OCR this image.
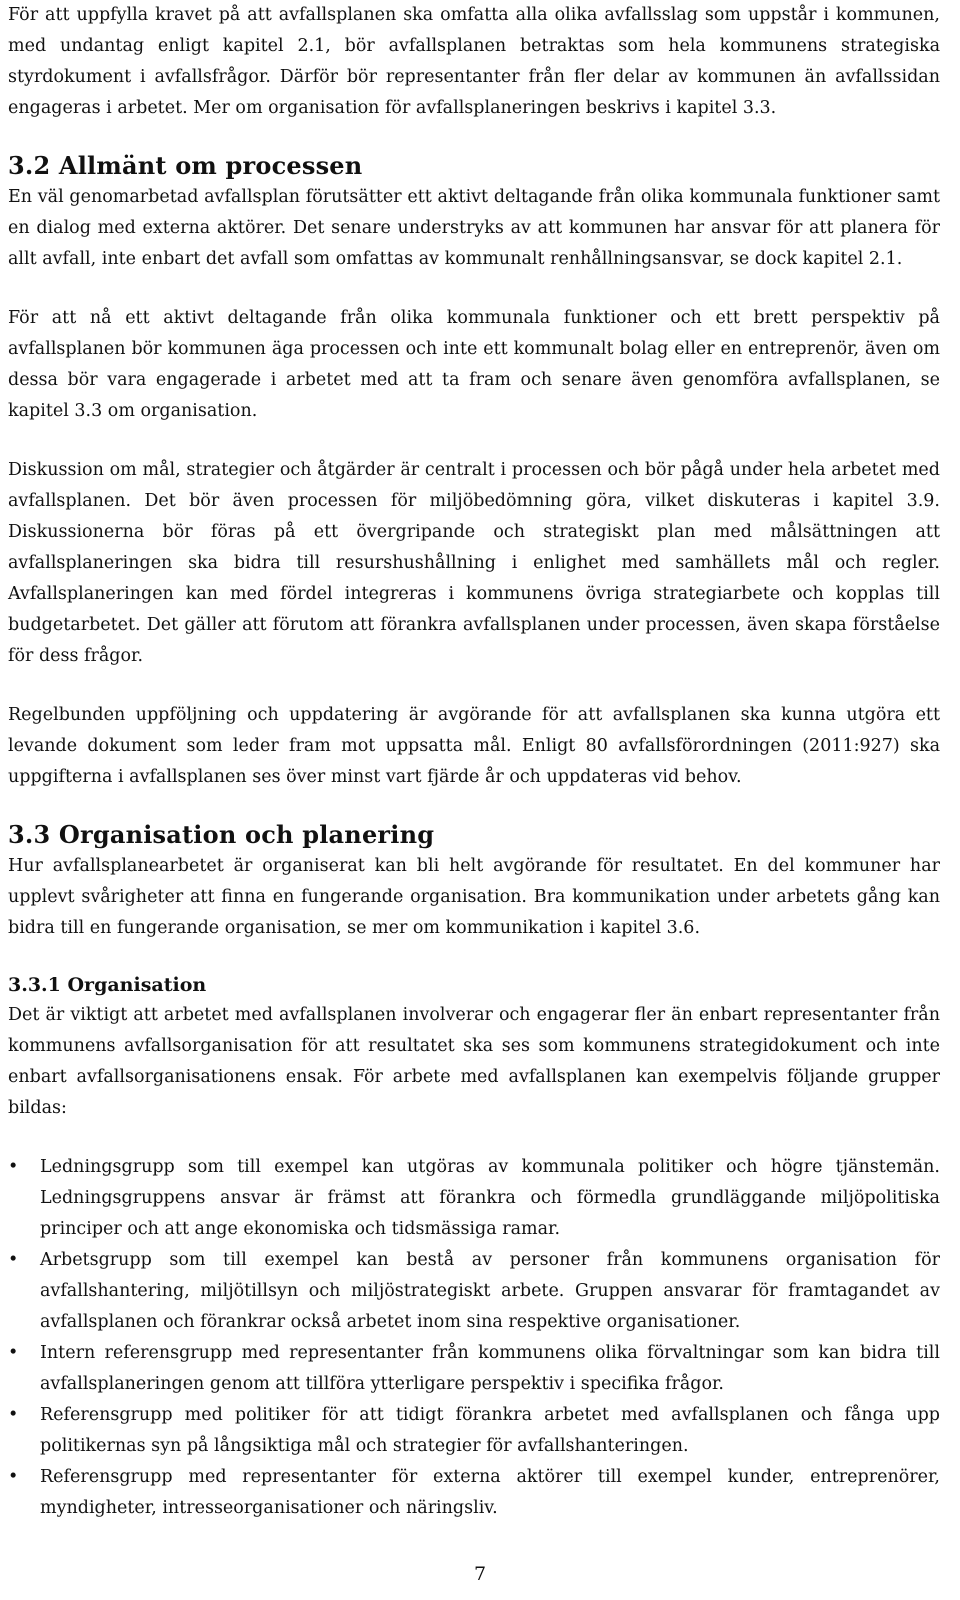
För att uppfylla kravet på att avfallsplanen ska omfatta alla olika avfallsslag som uppstår i kommunen, med undantag enligt kapitel 2.1, bör avfallsplanen betraktas som hela kommunens strategiska styrdokument i avfallsfrågor. Därför bör representanter från fler delar av kommunen än avfallssidan engageras i arbetet. Mer om organisation för avfallsplaneringen beskrivs i kapitel 3.3.

3.2 Allmänt om processen

En väl genomarbetad avfallsplan förutsätter ett aktivt deltagande från olika kommunala funktioner samt en dialog med externa aktörer. Det senare understryks av att kommunen har ansvar för att planera för allt avfall, inte enbart det avfall som omfattas av kommunalt renhållningsansvar, se dock kapitel 2.1.

För att nå ett aktivt deltagande från olika kommunala funktioner och ett brett perspektiv på avfallsplanen bör kommunen äga processen och inte ett kommunalt bolag eller en entreprenör, även om dessa bör vara engagerade i arbetet med att ta fram och senare även genomföra avfallsplanen, se kapitel 3.3 om organisation.

Diskussion om mål, strategier och åtgärder är centralt i processen och bör pågå under hela arbetet med avfallsplanen. Det bör även processen för miljöbedömning göra, vilket diskuteras i kapitel 3.9. Diskussionerna bör föras på ett övergripande och strategiskt plan med målsättningen att avfallsplaneringen ska bidra till resurshushållning i enlighet med samhällets mål och regler. Avfallsplaneringen kan med fördel integreras i kommunens övriga strategiarbete och kopplas till budgetarbetet. Det gäller att förutom att förankra avfallsplanen under processen, även skapa förståelse för dess frågor.

Regelbunden uppföljning och uppdatering är avgörande för att avfallsplanen ska kunna utgöra ett levande dokument som leder fram mot uppsatta mål. Enligt 80 avfallsförordningen (2011:927) ska uppgifterna i avfallsplanen ses över minst vart fjärde år och uppdateras vid behov.

3.3 Organisation och planering

Hur avfallsplanearbetet är organiserat kan bli helt avgörande för resultatet. En del kommuner har upplevt svårigheter att finna en fungerande organisation. Bra kommunikation under arbetets gång kan bidra till en fungerande organisation, se mer om kommunikation i kapitel 3.6.

3.3.1 Organisation

Det är viktigt att arbetet med avfallsplanen involverar och engagerar fler än enbart representanter från kommunens avfallsorganisation för att resultatet ska ses som kommunens strategidokument och inte enbart avfallsorganisationens ensak. För arbete med avfallsplanen kan exempelvis följande grupper bildas:

•	Ledningsgrupp som till exempel kan utgöras av kommunala politiker och högre tjänstemän. Ledningsgruppens ansvar är främst att förankra och förmedla grundläggande miljöpolitiska principer och att ange ekonomiska och tidsmässiga ramar.
•	Arbetsgrupp som till exempel kan bestå av personer från kommunens organisation för avfallshantering, miljötillsyn och miljöstrategiskt arbete. Gruppen ansvarar för framtagandet av avfallsplanen och förankrar också arbetet inom sina respektive organisationer.
•	Intern referensgrupp med representanter från kommunens olika förvaltningar som kan bidra till avfallsplaneringen genom att tillföra ytterligare perspektiv i specifika frågor.
•	Referensgrupp med politiker för att tidigt förankra arbetet med avfallsplanen och fånga upp politikernas syn på långsiktiga mål och strategier för avfallshanteringen.
•	Referensgrupp med representanter för externa aktörer till exempel kunder, entreprenörer, myndigheter, intresseorganisationer och näringsliv.
7
